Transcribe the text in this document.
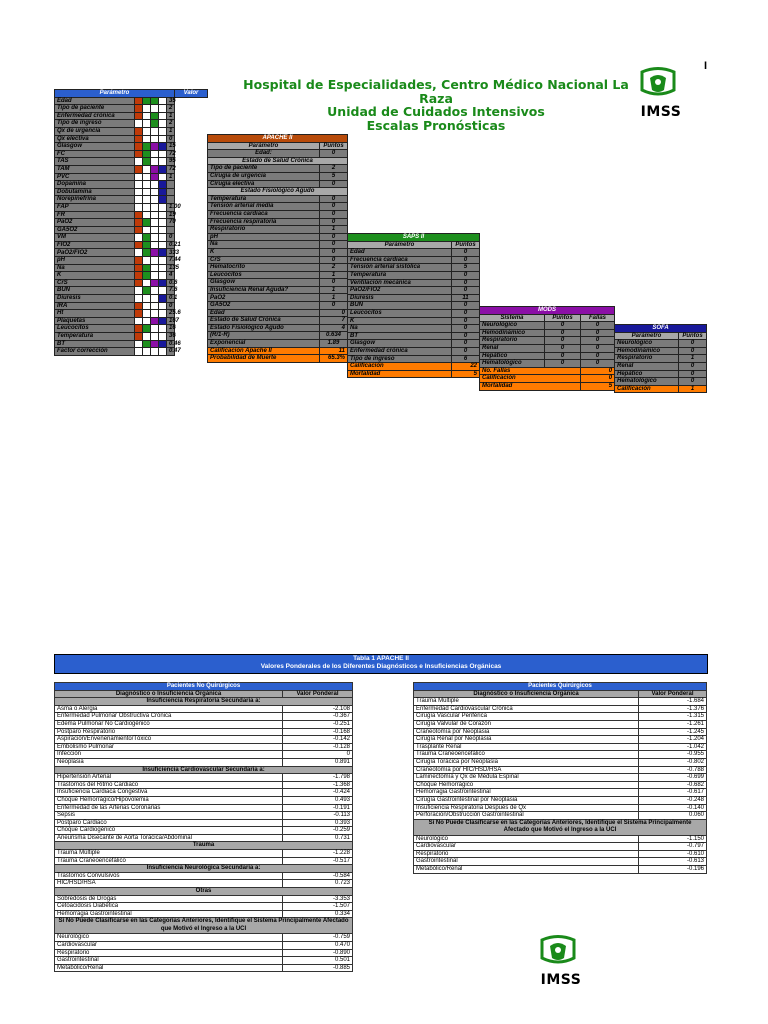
I
Hospital de Especialidades, Centro Médico Nacional La Raza
Unidad de Cuidados Intensivos
Escalas Pronósticas
IMSS
Parámetro						Valor
Edad					35	
Tipo de paciente					2	
Enfermedad crónica					1	
Tipo de ingreso					2	
Qx de urgencia					1	
Qx electiva					0	
Glasgow					15	
FC					72	
TAS					95	
TAM					72	
PVC					1	
Dopamina						
Dobutamina						
Norepinefrina						
FAP					1.00	
FR					19	
PaO2					70	
GA5O2						
VM					0	
FIO2					0.21	
PaO2/FIO2					333	
pH					7.44	
Na					135	
K					4	
CrS					0.6	
BUN					7.6	
Diuresis					0.1	
IRA					0	
Ht					25.6	
Plaquetas					167	
Leucocitos					16	
Temperatura					36	
BT					0.46	
Factor corrección					0.47	
APACHE II	
Parámetro	Puntos
Edad:	0
Estado de Salud Crónica	
Tipo de paciente	2
Cirugía de urgencia	5
Cirugía electiva	0
Estado Fisiológico Agudo	
Temperatura	0
Tensión arterial media	0
Frecuencia cardiaca	0
Frecuencia respiratoria	0
Respiratorio	1
pH	0
Na	0
K	0
CrS	0
Hematocrito	2
Leucocitos	1
Glasgow	0
Insuficiencia Renal Aguda?	1
PaO2	1
GA5O2	0
Edad	0
Estado de Salud Crónica	7
Estado Fisiológico Agudo	4
(R/1-R)	0.634
Exponencial	1.89
Calificación Apache II	11
Probabilidad de Muerte	65.3%
SAPS II	
Parámetro	Puntos
Edad	0
Frecuencia cardiaca	0
Tensión arterial sistólica	5
Temperatura	0
Ventilación mecánica	0
PaO2/FIO2	0
Diuresis	11
BUN	0
Leucocitos	0
K	0
Na	0
BT	0
Glasgow	0
Enfermedad crónica	0
Tipo de ingreso	6
Calificación	22
Mortalidad	5
MODS		
Sistema	Puntos	Fallas
Neurológico	0	0
Hemodinámico	0	0
Respiratorio	0	0
Renal	0	0
Hepático	0	0
Hematológico	0	0
No. Fallas		0
Calificación		0
Mortalidad		5
SOFA	
Parámetro	Puntos
Neurológico	0
Hemodinámico	0
Respiratorio	1
Renal	0
Hepático	0
Hematológico	0
Calificación	1
Tabla 1 APACHE II
Valores Ponderales de los Diferentes Diagnósticos e Insuficiencias Orgánicas
Pacientes No Quirúrgicos	
Diagnóstico o Insuficiencia Orgánica	Valor Ponderal
Insuficiencia Respiratoria Secundaria a:	
Asma o Alergia	-2.108
Enfermedad Pulmonar Obstructiva Crónica	-0.367
Edema Pulmonar No Cardiogénico	-0.251
Postparo Respiratorio	-0.168
Aspiración/Envenenamiento/Tóxico	-0.142
Embolismo Pulmonar	-0.128
Infección	0
Neoplasia	0.891
Insuficiencia Cardiovascular Secundaria a:	
Hipertensión Arterial	-1.798
Trastornos del Ritmo Cardiaco	-1.368
Insuficiencia Cardiaca Congestiva	-0.424
Choque Hemorrágico/Hipovolemia	0.493
Enfermedad de las Arterias Coronarias	-0.191
Sepsis	-0.113
Postparo Cardiaco	0.393
Choque Cardiogénico	-0.259
Aneurisma Disecante de Aorta Torácica/Abdominal	0.731
Trauma	
Trauma Múltiple	-1.228
Trauma Craneoencefálico	-0.517
Insuficiencia Neurológica Secundaria a:	
Trastornos Convulsivos	-0.584
HIC/HSD/HSA	0.723
Otras	
Sobredosis de Drogas	-3.353
Cetoacidosis Diabética	-1.507
Hemorragia Gastrointestinal	0.334
Si No Puede Clasificarse en las Categorías Anteriores, Identifique el Sistema Principalmente Afectado que Motivó el Ingreso a la UCI	
Neurológico	-0.759
Cardiovascular	0.470
Respiratorio	-0.890
Gastrointestinal	0.501
Metabólico/Renal	-0.885
Pacientes Quirúrgicos	
Diagnóstico o Insuficiencia Orgánica	Valor Ponderal
Trauma Múltiple	-1.684
Enfermedad Cardiovascular Crónica	-1.376
Cirugía Vascular Periférica	-1.315
Cirugía Valvular de Corazón	-1.261
Craneotomía por Neoplasia	-1.245
Cirugía Renal por Neoplasia	-1.204
Trasplante Renal	-1.042
Trauma Craneoencefálico	-0.955
Cirugía Torácica por Neoplasia	-0.802
Craneotomía por HIC/HSD/HSA	-0.788
Laminectomía y Qx de Médula Espinal	-0.699
Choque Hemorrágico	-0.682
Hemorragia Gastrointestinal	-0.617
Cirugía Gastrointestinal por Neoplasia	-0.248
Insuficiencia Respiratoria Después de Qx	-0.140
Perforación/Obstrucción Gastrointestinal	0.060
Si No Puede Clasificarse en las Categorías Anteriores, Identifique el Sistema Principalmente Afectado que Motivó el Ingreso a la UCI	
Neurológico	-1.150
Cardiovascular	-0.797
Respiratorio	-0.610
Gastrointestinal	-0.613
Metabólico/Renal	-0.196
IMSS
